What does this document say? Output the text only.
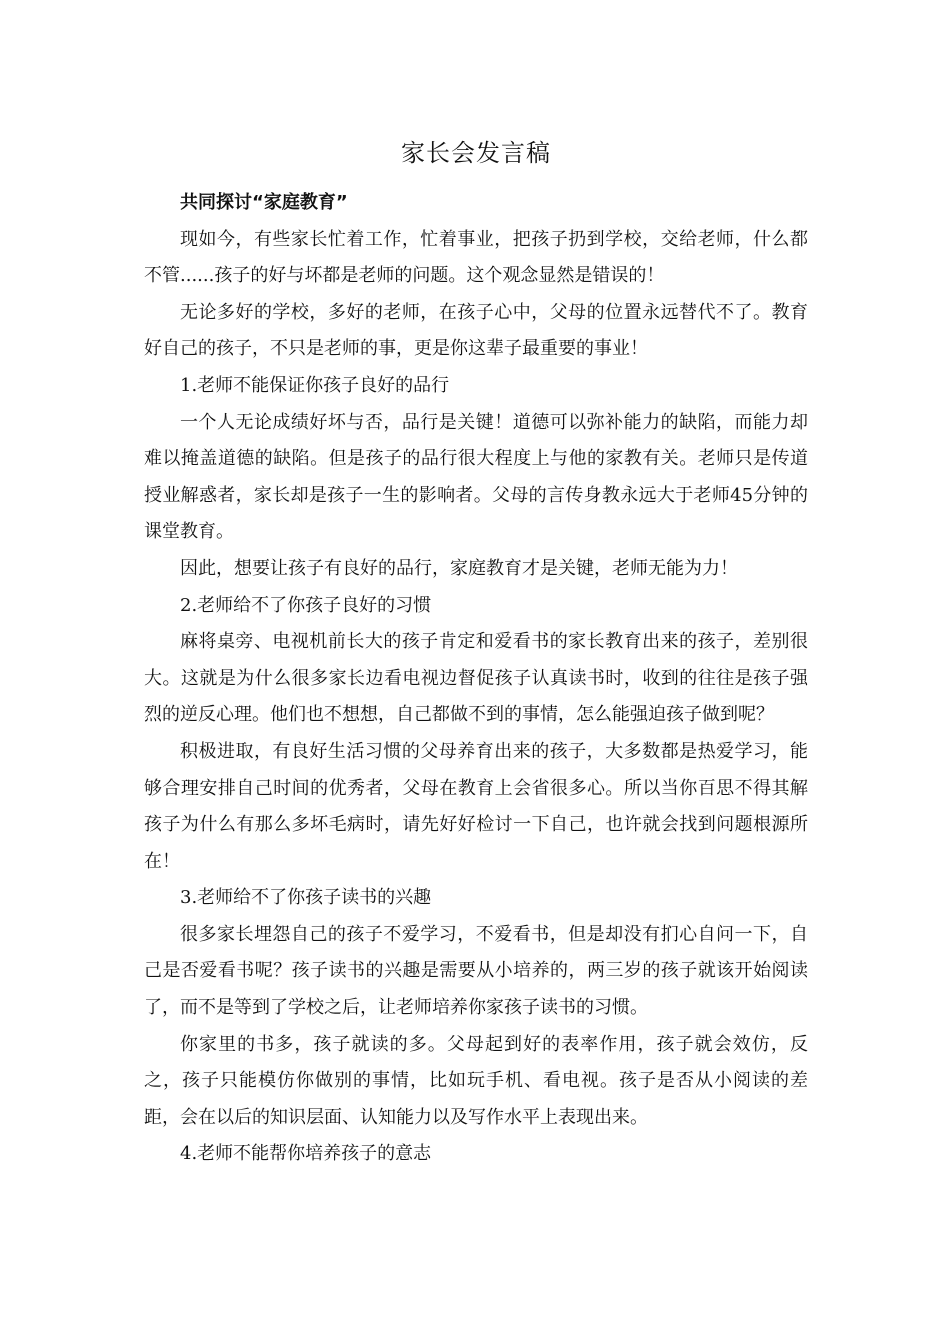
家长会发言稿

共同探讨“家庭教育”

现如今，有些家长忙着工作，忙着事业，把孩子扔到学校，交给老师，什么都不管......孩子的好与坏都是老师的问题。这个观念显然是错误的！

无论多好的学校，多好的老师，在孩子心中，父母的位置永远替代不了。教育好自己的孩子，不只是老师的事，更是你这辈子最重要的事业！

1.老师不能保证你孩子良好的品行

一个人无论成绩好坏与否，品行是关键！道德可以弥补能力的缺陷，而能力却难以掩盖道德的缺陷。但是孩子的品行很大程度上与他的家教有关。老师只是传道授业解惑者，家长却是孩子一生的影响者。父母的言传身教永远大于老师45分钟的课堂教育。

因此，想要让孩子有良好的品行，家庭教育才是关键，老师无能为力！

2.老师给不了你孩子良好的习惯

麻将桌旁、电视机前长大的孩子肯定和爱看书的家长教育出来的孩子，差别很大。这就是为什么很多家长边看电视边督促孩子认真读书时，收到的往往是孩子强烈的逆反心理。他们也不想想，自己都做不到的事情，怎么能强迫孩子做到呢？

积极进取，有良好生活习惯的父母养育出来的孩子，大多数都是热爱学习，能够合理安排自己时间的优秀者，父母在教育上会省很多心。所以当你百思不得其解孩子为什么有那么多坏毛病时，请先好好检讨一下自己，也许就会找到问题根源所在！

3.老师给不了你孩子读书的兴趣

很多家长埋怨自己的孩子不爱学习，不爱看书，但是却没有扪心自问一下，自己是否爱看书呢？孩子读书的兴趣是需要从小培养的，两三岁的孩子就该开始阅读了，而不是等到了学校之后，让老师培养你家孩子读书的习惯。

你家里的书多，孩子就读的多。父母起到好的表率作用，孩子就会效仿，反之，孩子只能模仿你做别的事情，比如玩手机、看电视。孩子是否从小阅读的差距，会在以后的知识层面、认知能力以及写作水平上表现出来。

4.老师不能帮你培养孩子的意志
